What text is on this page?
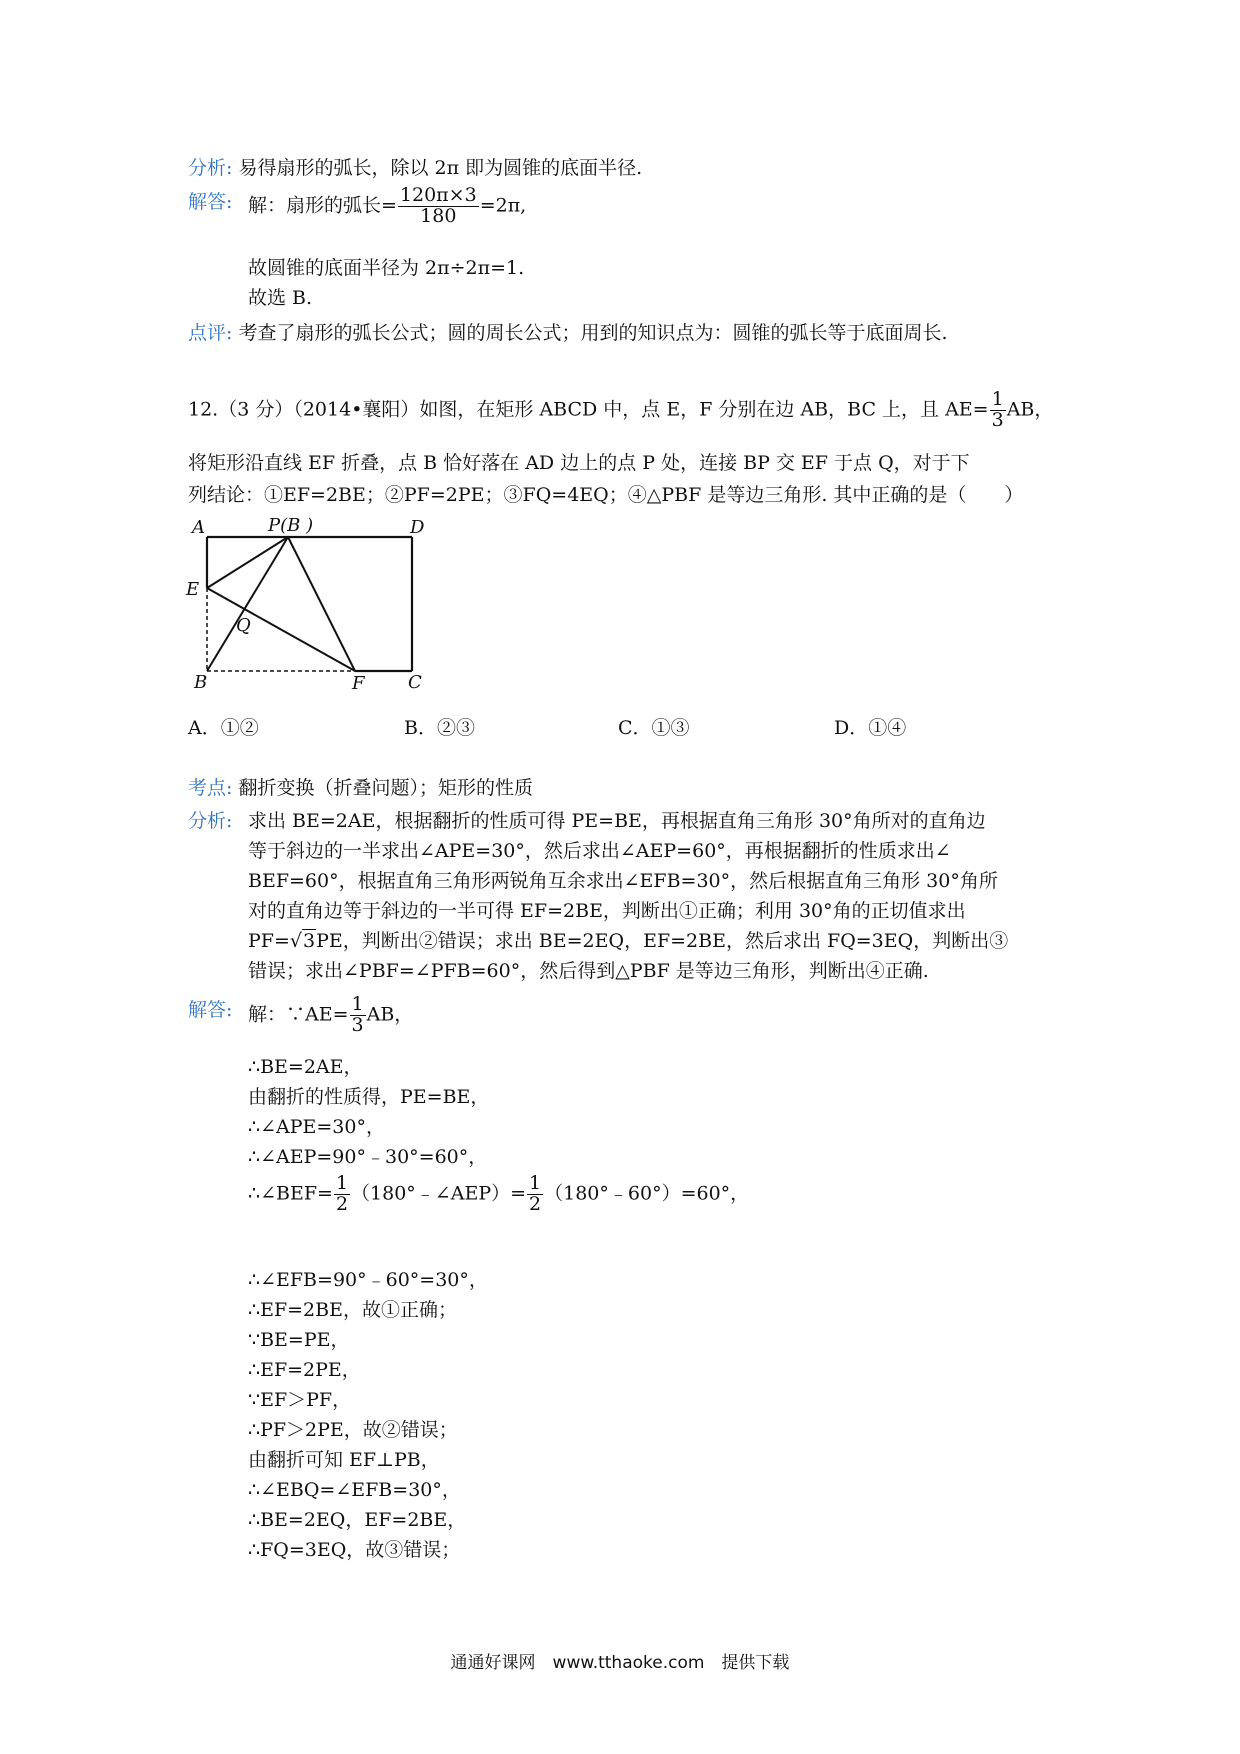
分析: 易得扇形的弧长，除以 2π 即为圆锥的底面半径.
解答: 解：扇形的弧长= $\frac{120\pi\times 3}{180} =2\pi$,
故圆锥的底面半径为 2π÷2π=1.
故选 B.
点评: 考查了扇形的弧长公式；圆的周长公式；用到的知识点为：圆锥的弧长等于底面周长.
12.（3 分）（2014•襄阳）如图，在矩形 ABCD 中，点 E，F 分别在边 AB，BC 上，且 $AE= \frac{1}{3}$ AB，
将矩形沿直线 EF 折叠，点 B 恰好落在 AD 边上的点 P 处，连接 BP 交 EF 于点 Q，对于下
列结论：①EF=2BE；②PF=2PE；③FQ=4EQ；④△PBF 是等边三角形. 其中正确的是（　　）
A	P(B )	D
E
Q
B	F C
A．①②	B．②③	C．①③	D．①④
考点: 翻折变换（折叠问题）；矩形的性质
分析: 求出 BE=2AE，根据翻折的性质可得 PE=BE，再根据直角三角形 30°角所对的直角边
等于斜边的一半求出∠APE=30°，然后求出∠AEP=60°，再根据翻折的性质求出∠
BEF=60°，根据直角三角形两锐角互余求出∠EFB=30°，然后根据直角三角形 30°角所
对的直角边等于斜边的一半可得 EF=2BE，判断出①正确；利用 30°角的正切值求出
PF=√3PE，判断出②错误；求出 BE=2EQ，EF=2BE，然后求出 FQ=3EQ，判断出③
错误；求出∠PBF=∠PFB=60°，然后得到△PBF 是等边三角形，判断出④正确.
解答: 解：∵AE= $\frac{1}{3}$ AB，
∴BE=2AE，
由翻折的性质得，PE=BE，
∴∠APE=30°，
∴∠AEP=90°﹣30°=60°，
∴∠BEF= $\frac{1}{2}$ （180°﹣∠AEP）= $\frac{1}{2}$ （180°﹣60°）=60°，
∴∠EFB=90°﹣60°=30°，
∴EF=2BE，故①正确；
∵BE=PE，
∴EF=2PE，
∵EF＞PF，
∴PF＞2PE，故②错误；
由翻折可知 EF⊥PB，
∴∠EBQ=∠EFB=30°，
∴BE=2EQ，EF=2BE，
∴FQ=3EQ，故③错误；
通通好课网　www.tthaoke.com　提供下载
